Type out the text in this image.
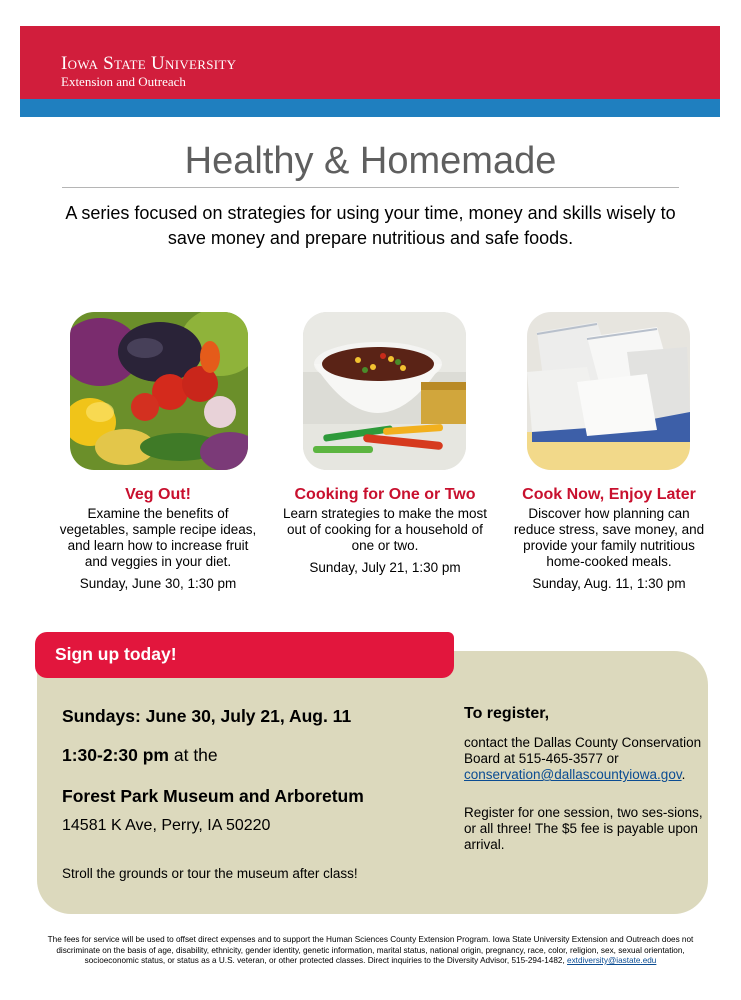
Iowa State University
Extension and Outreach
Healthy & Homemade
A series focused on strategies for using your time, money and skills wisely to save money and prepare nutritious and safe foods.
Veg Out!
Examine the benefits of vegetables, sample recipe ideas, and learn how to increase fruit and veggies in your diet.
Sunday, June 30, 1:30 pm
Cooking for One or Two
Learn strategies to make the most out of cooking for a household of one or two.
Sunday, July 21, 1:30 pm
Cook Now, Enjoy Later
Discover how planning can reduce stress, save money, and provide your family nutritious home-cooked meals.
Sunday, Aug. 11, 1:30 pm
Sign up today!
Sundays: June 30, July 21, Aug. 11
1:30-2:30 pm at the
Forest Park Museum and Arboretum
14581 K Ave, Perry, IA 50220
Stroll the grounds or tour the museum after class!
To register,
contact the Dallas County Conservation Board at 515-465-3577 or
conservation@dallascountyiowa.gov.
Register for one session, two ses-sions, or all three! The $5 fee is payable upon arrival.
The fees for service will be used to offset direct expenses and to support the Human Sciences County Extension Program. Iowa State University Extension and Outreach does not discriminate on the basis of age, disability, ethnicity, gender identity, genetic information, marital status, national origin, pregnancy, race, color, religion, sex, sexual orientation, socioeconomic status, or status as a U.S. veteran, or other protected classes. Direct inquiries to the Diversity Advisor, 515-294-1482, extdiversity@iastate.edu
